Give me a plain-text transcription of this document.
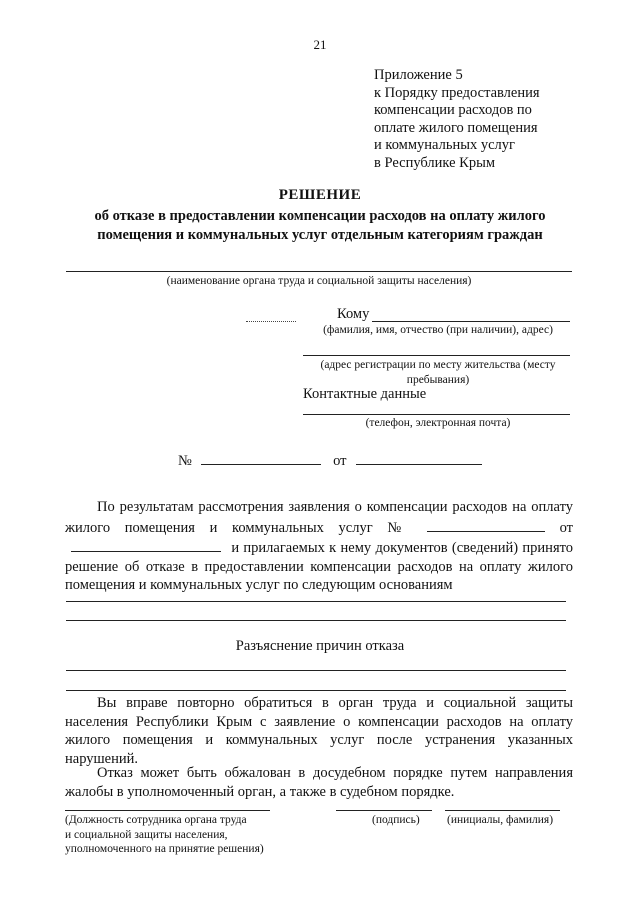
21
Приложение 5
к Порядку предоставления
компенсации расходов по
оплате жилого помещения
и коммунальных услуг
в Республике Крым
РЕШЕНИЕ
об отказе в предоставлении компенсации расходов на оплату жилого
помещения и коммунальных услуг отдельным категориям граждан
(наименование органа труда и социальной защиты населения)
Кому
(фамилия, имя, отчество (при наличии), адрес)
(адрес регистрации по месту жительства (месту
пребывания)
Контактные данные
(телефон, электронная почта)
№	от
По результатам рассмотрения заявления о компенсации расходов на оплату жилого помещения и коммунальных услуг №	от  и прилагаемых к нему документов (сведений) принято решение об отказе в предоставлении компенсации расходов на оплату жилого помещения и коммунальных услуг по следующим основаниям
Разъяснение причин отказа
Вы вправе повторно обратиться в орган труда и социальной защиты населения Республики Крым с заявление о компенсации расходов на оплату жилого помещения и коммунальных услуг после устранения указанных нарушений.
Отказ может быть обжалован в досудебном порядке путем направления жалобы в уполномоченный орган, а также в судебном порядке.
(Должность сотрудника органа труда
и социальной защиты населения,
уполномоченного на принятие решения)
(подпись) (инициалы, фамилия)
